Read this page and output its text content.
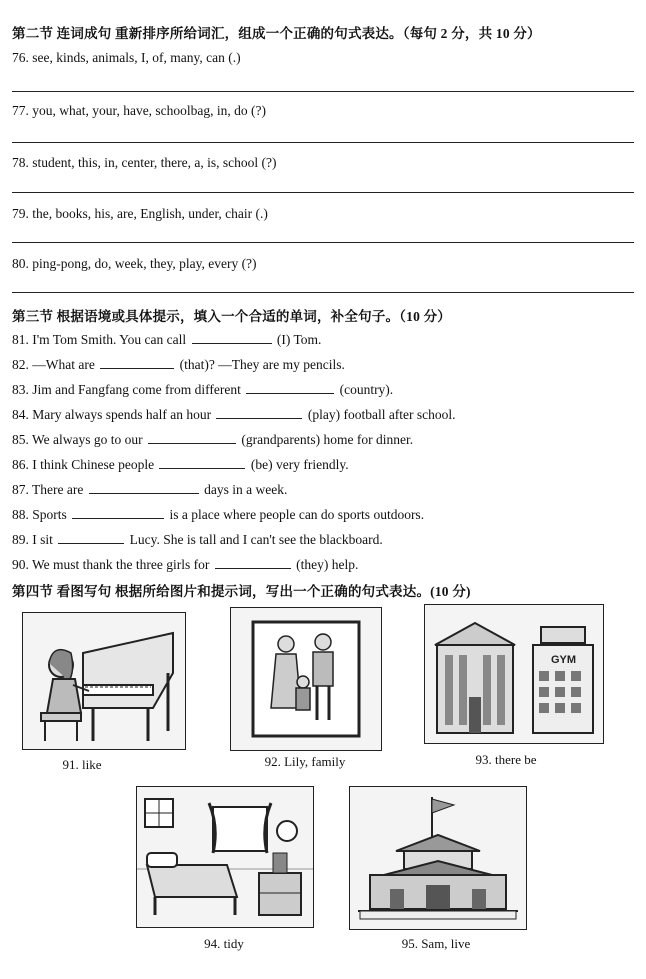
第二节 连词成句 重新排序所给词汇，组成一个正确的句式表达。（每句 2 分，共 10 分）
76. see, kinds, animals, I, of, many, can (.)
77. you, what, your, have, schoolbag, in, do (?)
78. student, this, in, center, there, a, is, school (?)
79. the, books, his, are, English, under, chair (.)
80. ping-pong, do, week, they, play, every (?)
第三节 根据语境或具体提示，填入一个合适的单词，补全句子。（10 分）
81. I'm Tom Smith. You can call	(I) Tom.
82. —What are	(that)? —They are my pencils.
83. Jim and Fangfang come from different	(country).
84. Mary always spends half an hour	(play) football after school.
85. We always go to our	(grandparents) home for dinner.
86. I think Chinese people	(be) very friendly.
87. There are	days in a week.
88. Sports	is a place where people can do sports outdoors.
89. I sit	Lucy. She is tall and I can't see the blackboard.
90. We must thank the three girls for	(they) help.
第四节 看图写句 根据所给图片和提示词，写出一个正确的句式表达。(10 分)
91. like	92. Lily, family
GYM
93. there be
94. tidy	95. Sam, live
